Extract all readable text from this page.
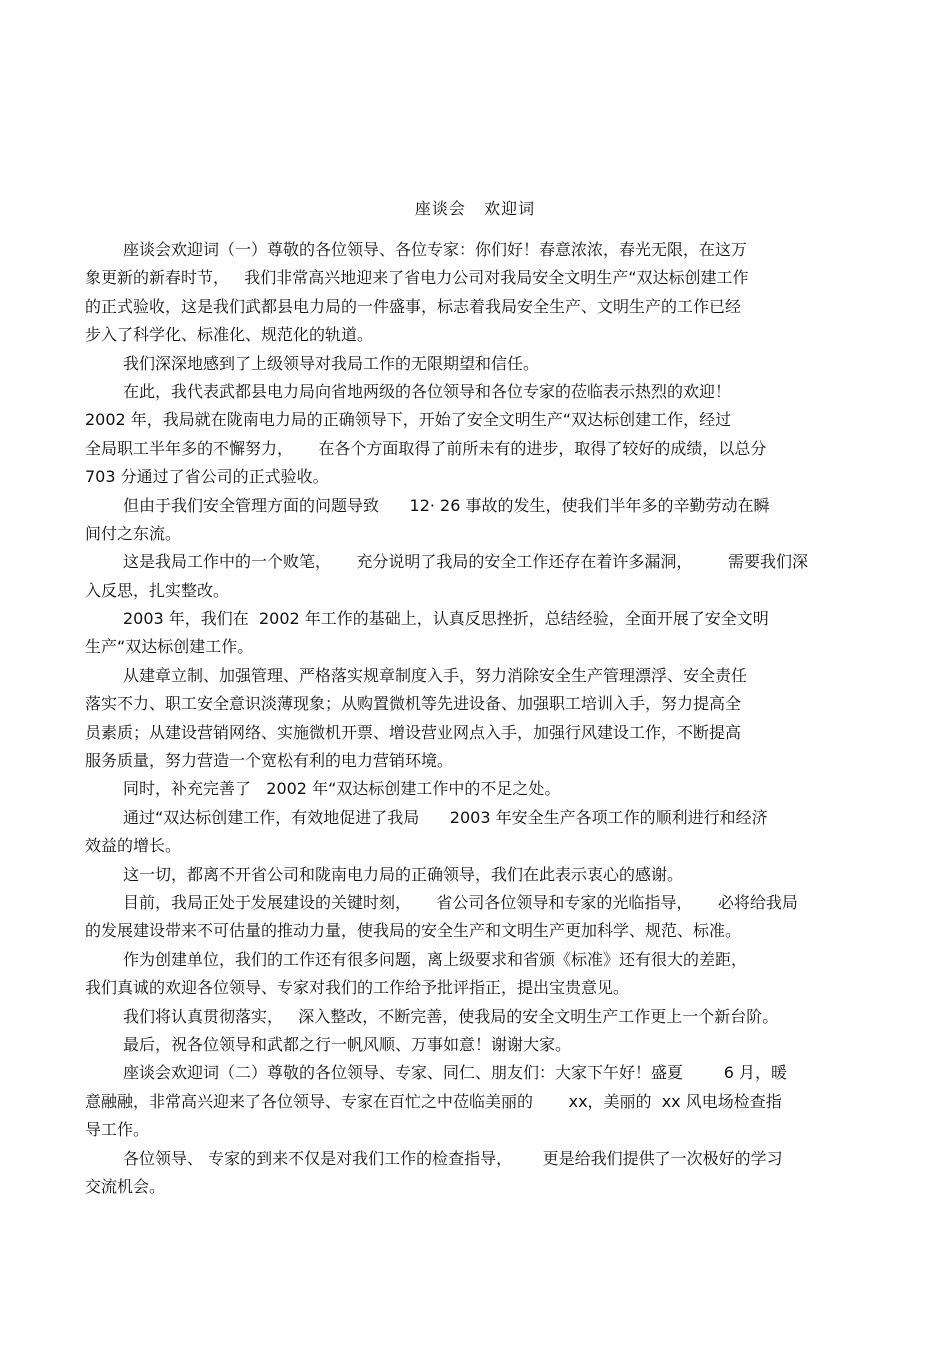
座谈会   欢迎词
座谈会欢迎词（一）尊敬的各位领导、各位专家：你们好！春意浓浓，春光无限，在这万
象更新的新春时节，   我们非常高兴地迎来了省电力公司对我局安全文明生产“双达标创建工作
的正式验收，这是我们武都县电力局的一件盛事，标志着我局安全生产、文明生产的工作已经
步入了科学化、标准化、规范化的轨道。
我们深深地感到了上级领导对我局工作的无限期望和信任。
在此，我代表武都县电力局向省地两级的各位领导和各位专家的莅临表示热烈的欢迎！
2002 年，我局就在陇南电力局的正确领导下，开始了安全文明生产“双达标创建工作，经过
全局职工半年多的不懈努力，     在各个方面取得了前所未有的进步，取得了较好的成绩，以总分
703 分通过了省公司的正式验收。
但由于我们安全管理方面的问题导致      12· 26 事故的发生，使我们半年多的辛勤劳动在瞬
间付之东流。
这是我局工作中的一个败笔，     充分说明了我局的安全工作还存在着许多漏洞，       需要我们深
入反思，扎实整改。
2003 年，我们在  2002 年工作的基础上，认真反思挫折，总结经验，全面开展了安全文明
生产“双达标创建工作。
从建章立制、加强管理、严格落实规章制度入手，努力消除安全生产管理漂浮、安全责任
落实不力、职工安全意识淡薄现象；从购置微机等先进设备、加强职工培训入手，努力提高全
员素质；从建设营销网络、实施微机开票、增设营业网点入手，加强行风建设工作，不断提高
服务质量，努力营造一个宽松有利的电力营销环境。
同时，补充完善了   2002 年“双达标创建工作中的不足之处。
通过“双达标创建工作，有效地促进了我局      2003 年安全生产各项工作的顺利进行和经济
效益的增长。
这一切，都离不开省公司和陇南电力局的正确领导，我们在此表示衷心的感谢。
目前，我局正处于发展建设的关键时刻，     省公司各位领导和专家的光临指导，     必将给我局
的发展建设带来不可估量的推动力量，使我局的安全生产和文明生产更加科学、规范、标准。
作为创建单位，我们的工作还有很多问题，离上级要求和省颁《标准》还有很大的差距，
我们真诚的欢迎各位领导、专家对我们的工作给予批评指正，提出宝贵意见。
我们将认真贯彻落实，   深入整改，不断完善，使我局的安全文明生产工作更上一个新台阶。
最后，祝各位领导和武都之行一帆风顺、万事如意！谢谢大家。
座谈会欢迎词（二）尊敬的各位领导、专家、同仁、朋友们：大家下午好！盛夏        6 月，暖
意融融，非常高兴迎来了各位领导、专家在百忙之中莅临美丽的       xx，美丽的  xx 风电场检查指
导工作。
各位领导、 专家的到来不仅是对我们工作的检查指导，      更是给我们提供了一次极好的学习
交流机会。
